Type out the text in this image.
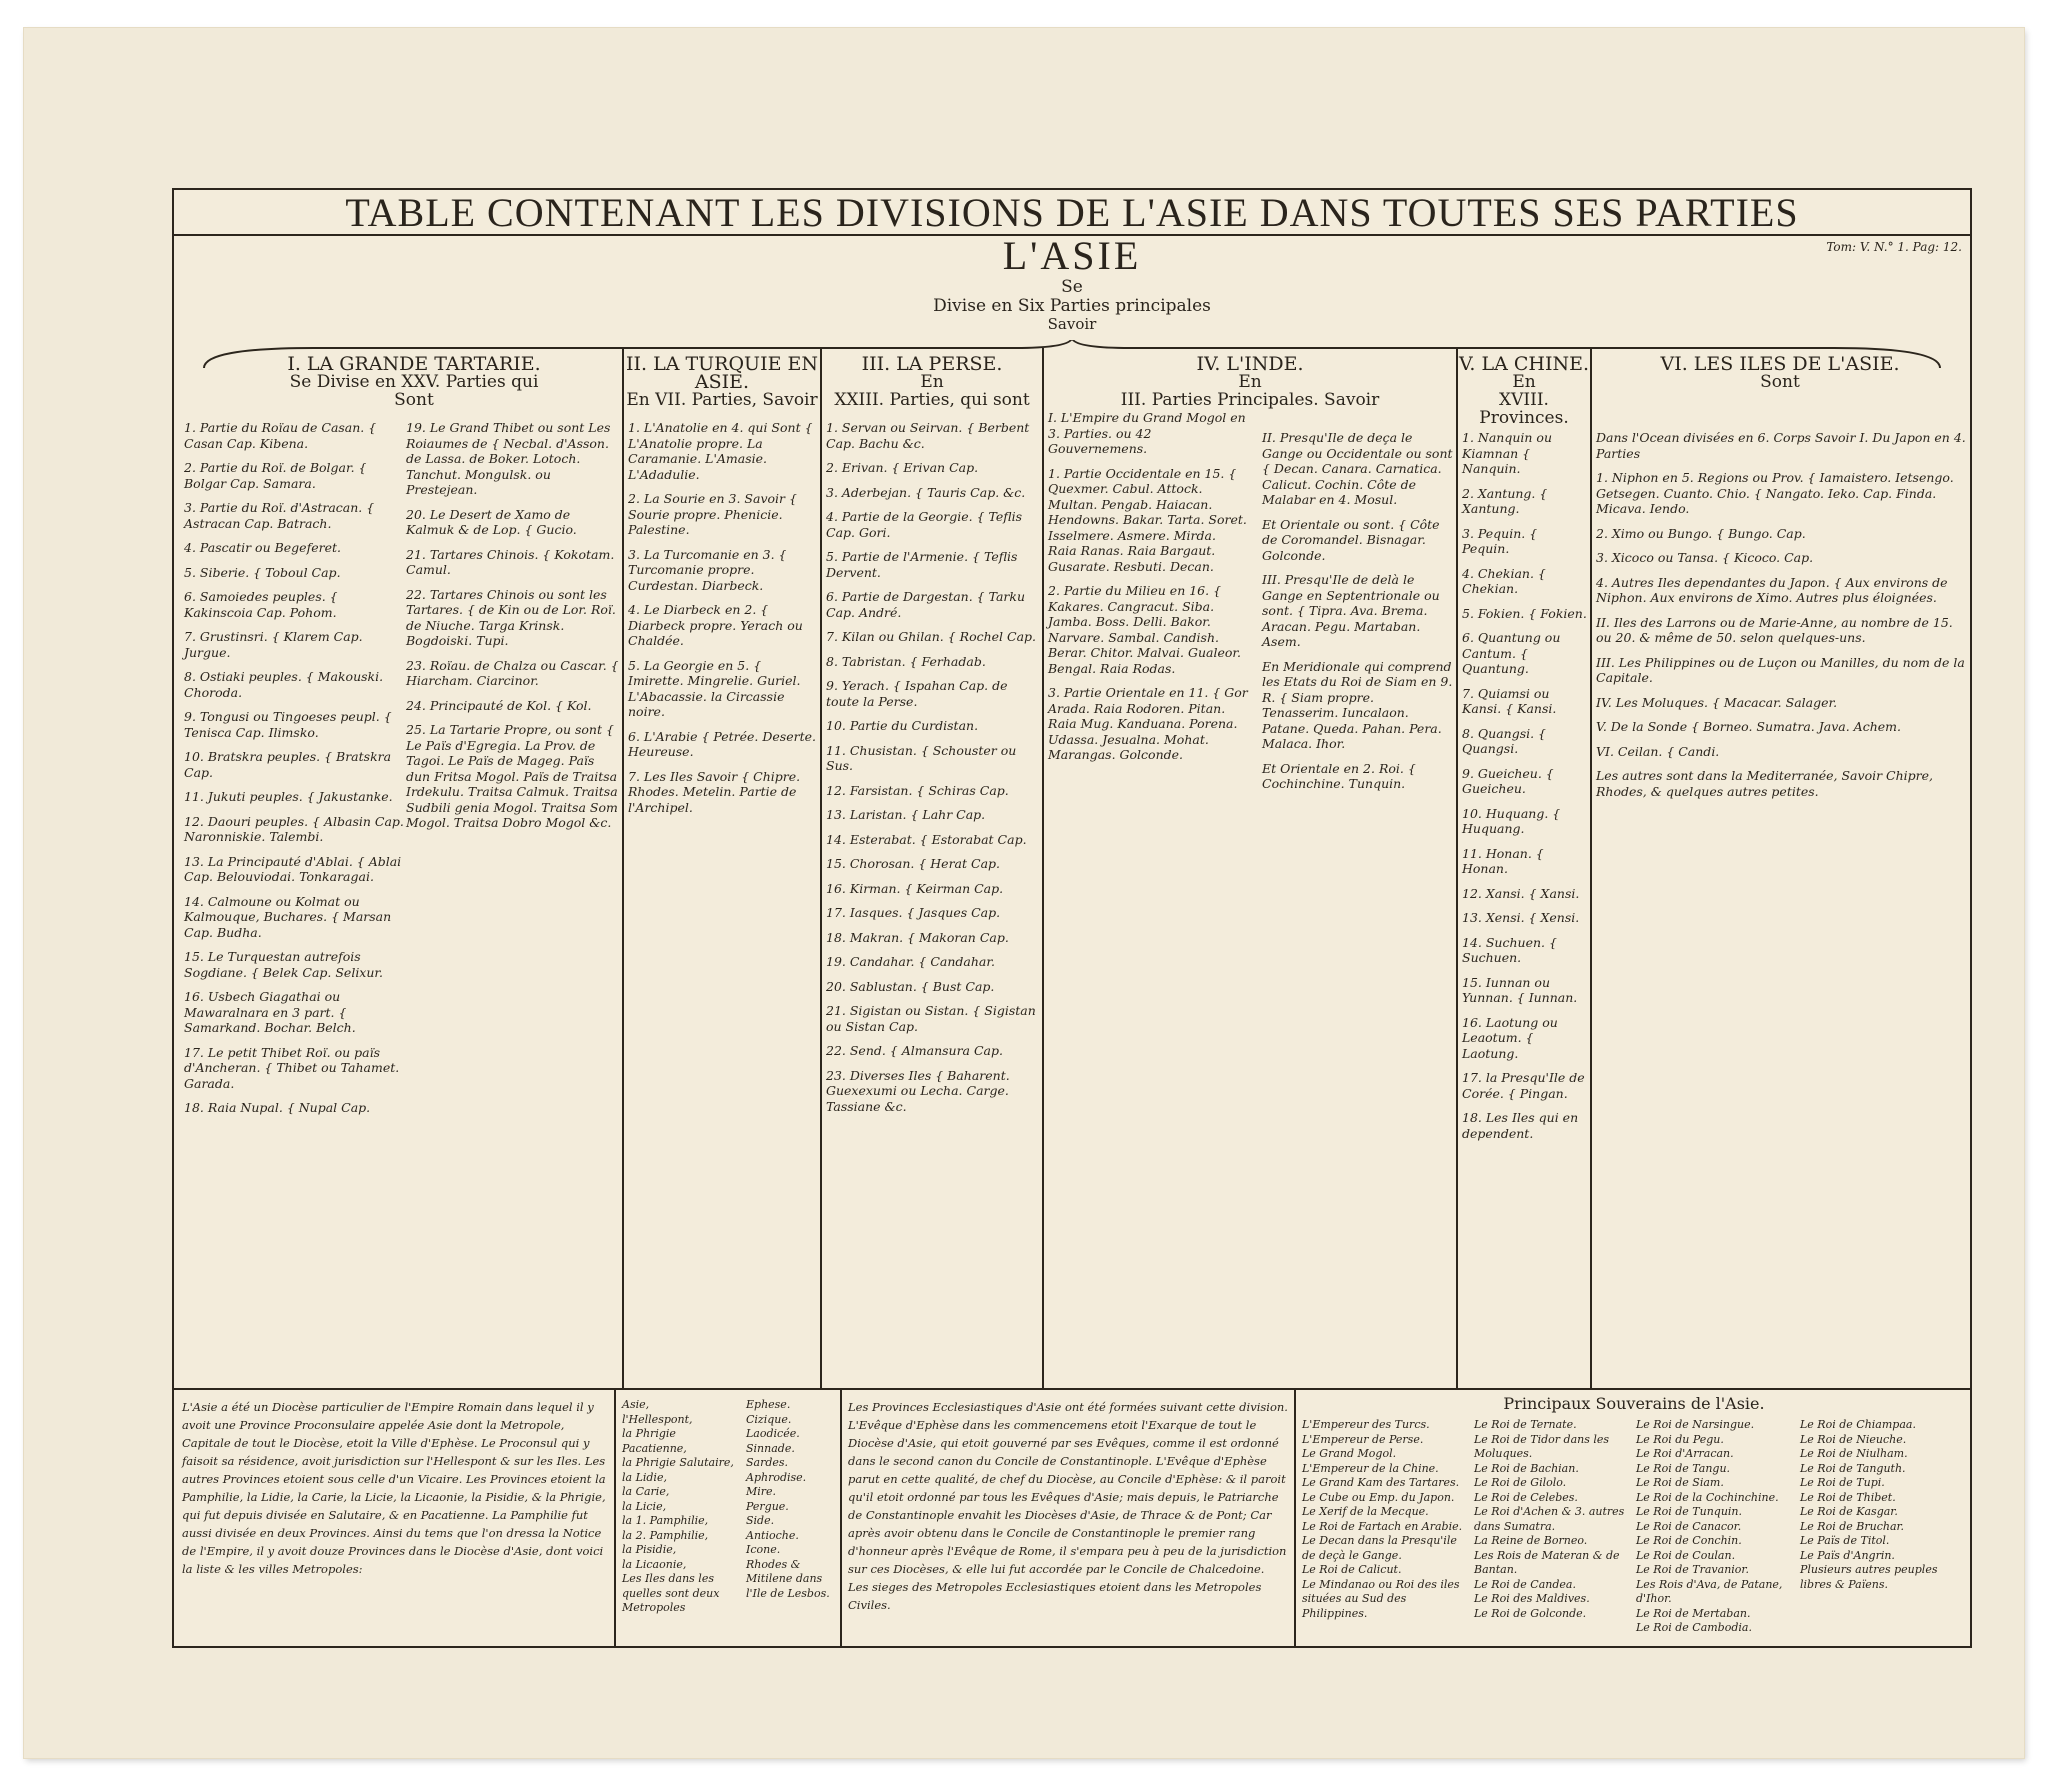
TABLE CONTENANT LES DIVISIONS DE L'ASIE DANS TOUTES SES PARTIES
Tom: V. N.° 1. Pag: 12.
L'ASIE
Se
Divise en Six Parties principales
Savoir
I. LA GRANDE TARTARIE.
Se Divise en XXV. Parties qui
Sont
II. LA TURQUIE EN ASIE.
En VII. Parties, Savoir
III. LA PERSE.
En
XXIII. Parties, qui sont
IV. L'INDE.
En
III. Parties Principales. Savoir
V. LA CHINE.
En
XVIII. Provinces.
VI. LES ILES DE L'ASIE.
Sont
1. Partie du Roïau de Casan. { Casan Cap. Kibena.
2. Partie du Roï. de Bolgar. { Bolgar Cap. Samara.
3. Partie du Roï. d'Astracan. { Astracan Cap. Batrach.
4. Pascatir ou Begeferet.
5. Siberie. { Toboul Cap.
6. Samoiedes peuples. { Kakinscoia Cap. Pohom.
7. Grustinsri. { Klarem Cap. Jurgue.
8. Ostiaki peuples. { Makouski. Choroda.
9. Tongusi ou Tingoeses peupl. { Tenisca Cap. Ilimsko.
10. Bratskra peuples. { Bratskra Cap.
11. Jukuti peuples. { Jakustanke.
12. Daouri peuples. { Albasin Cap. Naronniskie. Talembi.
13. La Principauté d'Ablai. { Ablai Cap. Belouviodai. Tonkaragai.
14. Calmoune ou Kolmat ou Kalmouque, Buchares. { Marsan Cap. Budha.
15. Le Turquestan autrefois Sogdiane. { Belek Cap. Selixur.
16. Usbech Giagathai ou Mawaralnara en 3 part. { Samarkand. Bochar. Belch.
17. Le petit Thibet Roï. ou païs d'Ancheran. { Thibet ou Tahamet. Garada.
18. Raia Nupal. { Nupal Cap.
19. Le Grand Thibet ou sont Les Roiaumes de { Necbal. d'Asson. de Lassa. de Boker. Lotoch. Tanchut. Mongulsk. ou Prestejean.
20. Le Desert de Xamo de Kalmuk & de Lop. { Gucio.
21. Tartares Chinois. { Kokotam. Camul.
22. Tartares Chinois ou sont les Tartares. { de Kin ou de Lor. Roï. de Niuche. Targa Krinsk. Bogdoiski. Tupi.
23. Roïau. de Chalza ou Cascar. { Hiarcham. Ciarcinor.
24. Principauté de Kol. { Kol.
25. La Tartarie Propre, ou sont { Le Païs d'Egregia. La Prov. de Tagoi. Le Païs de Mageg. Païs dun Fritsa Mogol. Païs de Traitsa Irdekulu. Traitsa Calmuk. Traitsa Sudbili genia Mogol. Traitsa Som Mogol. Traitsa Dobro Mogol &c.
1. L'Anatolie en 4. qui Sont { L'Anatolie propre. La Caramanie. L'Amasie. L'Adadulie.
2. La Sourie en 3. Savoir { Sourie propre. Phenicie. Palestine.
3. La Turcomanie en 3. { Turcomanie propre. Curdestan. Diarbeck.
4. Le Diarbeck en 2. { Diarbeck propre. Yerach ou Chaldée.
5. La Georgie en 5. { Imirette. Mingrelie. Guriel. L'Abacassie. la Circassie noire.
6. L'Arabie { Petrée. Deserte. Heureuse.
7. Les Iles Savoir { Chipre. Rhodes. Metelin. Partie de l'Archipel.
1. Servan ou Seirvan. { Berbent Cap. Bachu &c.
2. Erivan. { Erivan Cap.
3. Aderbejan. { Tauris Cap. &c.
4. Partie de la Georgie. { Teflis Cap. Gori.
5. Partie de l'Armenie. { Teflis Dervent.
6. Partie de Dargestan. { Tarku Cap. André.
7. Kilan ou Ghilan. { Rochel Cap.
8. Tabristan. { Ferhadab.
9. Yerach. { Ispahan Cap. de toute la Perse.
10. Partie du Curdistan.
11. Chusistan. { Schouster ou Sus.
12. Farsistan. { Schiras Cap.
13. Laristan. { Lahr Cap.
14. Esterabat. { Estorabat Cap.
15. Chorosan. { Herat Cap.
16. Kirman. { Keirman Cap.
17. Iasques. { Jasques Cap.
18. Makran. { Makoran Cap.
19. Candahar. { Candahar.
20. Sablustan. { Bust Cap.
21. Sigistan ou Sistan. { Sigistan ou Sistan Cap.
22. Send. { Almansura Cap.
23. Diverses Iles { Baharent. Guexexumi ou Lecha. Carge. Tassiane &c.
I. L'Empire du Grand Mogol en 3. Parties. ou 42 Gouvernemens.
1. Partie Occidentale en 15. { Quexmer. Cabul. Attock. Multan. Pengab. Haiacan. Hendowns. Bakar. Tarta. Soret. Isselmere. Asmere. Mirda. Raia Ranas. Raia Bargaut. Gusarate. Resbuti. Decan.
2. Partie du Milieu en 16. { Kakares. Cangracut. Siba. Jamba. Boss. Delli. Bakor. Narvare. Sambal. Candish. Berar. Chitor. Malvai. Gualeor. Bengal. Raia Rodas.
3. Partie Orientale en 11. { Gor Arada. Raia Rodoren. Pitan. Raia Mug. Kanduana. Porena. Udassa. Jesualna. Mohat. Marangas. Golconde.
II. Presqu'Ile de deça le Gange ou Occidentale ou sont { Decan. Canara. Carnatica. Calicut. Cochin. Côte de Malabar en 4. Mosul.
Et Orientale ou sont. { Côte de Coromandel. Bisnagar. Golconde.
III. Presqu'Ile de delà le Gange en Septentrionale ou sont. { Tipra. Ava. Brema. Aracan. Pegu. Martaban. Asem.
En Meridionale qui comprend les Etats du Roi de Siam en 9. R. { Siam propre. Tenasserim. Iuncalaon. Patane. Queda. Pahan. Pera. Malaca. Ihor.
Et Orientale en 2. Roi. { Cochinchine. Tunquin.
1. Nanquin ou Kiamnan { Nanquin.
2. Xantung. { Xantung.
3. Pequin. { Pequin.
4. Chekian. { Chekian.
5. Fokien. { Fokien.
6. Quantung ou Cantum. { Quantung.
7. Quiamsi ou Kansi. { Kansi.
8. Quangsi. { Quangsi.
9. Gueicheu. { Gueicheu.
10. Huquang. { Huquang.
11. Honan. { Honan.
12. Xansi. { Xansi.
13. Xensi. { Xensi.
14. Suchuen. { Suchuen.
15. Iunnan ou Yunnan. { Iunnan.
16. Laotung ou Leaotum. { Laotung.
17. la Presqu'Ile de Corée. { Pingan.
18. Les Iles qui en dependent.
Dans l'Ocean divisées en 6. Corps Savoir I. Du Japon en 4. Parties
1. Niphon en 5. Regions ou Prov. { Iamaistero. Ietsengo. Getsegen. Cuanto. Chio. { Nangato. Ieko. Cap. Finda. Micava. Iendo.
2. Ximo ou Bungo. { Bungo. Cap.
3. Xicoco ou Tansa. { Kicoco. Cap.
4. Autres Iles dependantes du Japon. { Aux environs de Niphon. Aux environs de Ximo. Autres plus éloignées.
II. Iles des Larrons ou de Marie-Anne, au nombre de 15. ou 20. & même de 50. selon quelques-uns.
III. Les Philippines ou de Luçon ou Manilles, du nom de la Capitale.
IV. Les Moluques. { Macacar. Salager.
V. De la Sonde { Borneo. Sumatra. Java. Achem.
VI. Ceilan. { Candi.
Les autres sont dans la Mediterranée, Savoir Chipre, Rhodes, & quelques autres petites.
L'Asie a été un Diocèse particulier de l'Empire Romain dans lequel il y avoit une Province Proconsulaire appelée Asie dont la Metropole, Capitale de tout le Diocèse, etoit la Ville d'Ephèse. Le Proconsul qui y faisoit sa résidence, avoit jurisdiction sur l'Hellespont & sur les Iles. Les autres Provinces etoient sous celle d'un Vicaire. Les Provinces etoient la Pamphilie, la Lidie, la Carie, la Licie, la Licaonie, la Pisidie, & la Phrigie, qui fut depuis divisée en Salutaire, & en Pacatienne. La Pamphilie fut aussi divisée en deux Provinces. Ainsi du tems que l'on dressa la Notice de l'Empire, il y avoit douze Provinces dans le Diocèse d'Asie, dont voici la liste & les villes Metropoles:
Asie,
l'Hellespont,
la Phrigie Pacatienne,
la Phrigie Salutaire,
la Lidie,
la Carie,
la Licie,
la 1. Pamphilie,
la 2. Pamphilie,
la Pisidie,
la Licaonie,
Les Iles dans les quelles sont deux Metropoles
Ephese.
Cizique.
Laodicée.
Sinnade.
Sardes.
Aphrodise.
Mire.
Pergue.
Side.
Antioche.
Icone.
Rhodes & Mitilene dans l'Ile de Lesbos.
Les Provinces Ecclesiastiques d'Asie ont été formées suivant cette division. L'Evêque d'Ephèse dans les commencemens etoit l'Exarque de tout le Diocèse d'Asie, qui etoit gouverné par ses Evêques, comme il est ordonné dans le second canon du Concile de Constantinople. L'Evêque d'Ephèse parut en cette qualité, de chef du Diocèse, au Concile d'Ephèse: & il paroit qu'il etoit ordonné par tous les Evêques d'Asie; mais depuis, le Patriarche de Constantinople envahit les Diocèses d'Asie, de Thrace & de Pont; Car après avoir obtenu dans le Concile de Constantinople le premier rang d'honneur après l'Evêque de Rome, il s'empara peu à peu de la jurisdiction sur ces Diocèses, & elle lui fut accordée par le Concile de Chalcedoine. Les sieges des Metropoles Ecclesiastiques etoient dans les Metropoles Civiles.
Principaux Souverains de l'Asie.
L'Empereur des Turcs.
L'Empereur de Perse.
Le Grand Mogol.
L'Empereur de la Chine.
Le Grand Kam des Tartares.
Le Cube ou Emp. du Japon.
Le Xerif de la Mecque.
Le Roi de Fartach en Arabie.
Le Decan dans la Presqu'ile de deçà le Gange.
Le Roi de Calicut.
Le Mindanao ou Roi des iles situées au Sud des Philippines.
Le Roi de Ternate.
Le Roi de Tidor dans les Moluques.
Le Roi de Bachian.
Le Roi de Gilolo.
Le Roi de Celebes.
Le Roi d'Achen & 3. autres dans Sumatra.
La Reine de Borneo.
Les Rois de Materan & de Bantan.
Le Roi de Candea.
Le Roi des Maldives.
Le Roi de Golconde.
Le Roi de Narsingue.
Le Roi du Pegu.
Le Roi d'Arracan.
Le Roi de Tangu.
Le Roi de Siam.
Le Roi de la Cochinchine.
Le Roi de Tunquin.
Le Roi de Canacor.
Le Roi de Conchin.
Le Roi de Coulan.
Le Roi de Travanior.
Les Rois d'Ava, de Patane, d'Ihor.
Le Roi de Mertaban.
Le Roi de Cambodia.
Le Roi de Chiampaa.
Le Roi de Nieuche.
Le Roi de Niulham.
Le Roi de Tanguth.
Le Roi de Tupi.
Le Roi de Thibet.
Le Roi de Kasgar.
Le Roi de Bruchar.
Le Païs de Titol.
Le Païs d'Angrin.
Plusieurs autres peuples libres & Païens.
